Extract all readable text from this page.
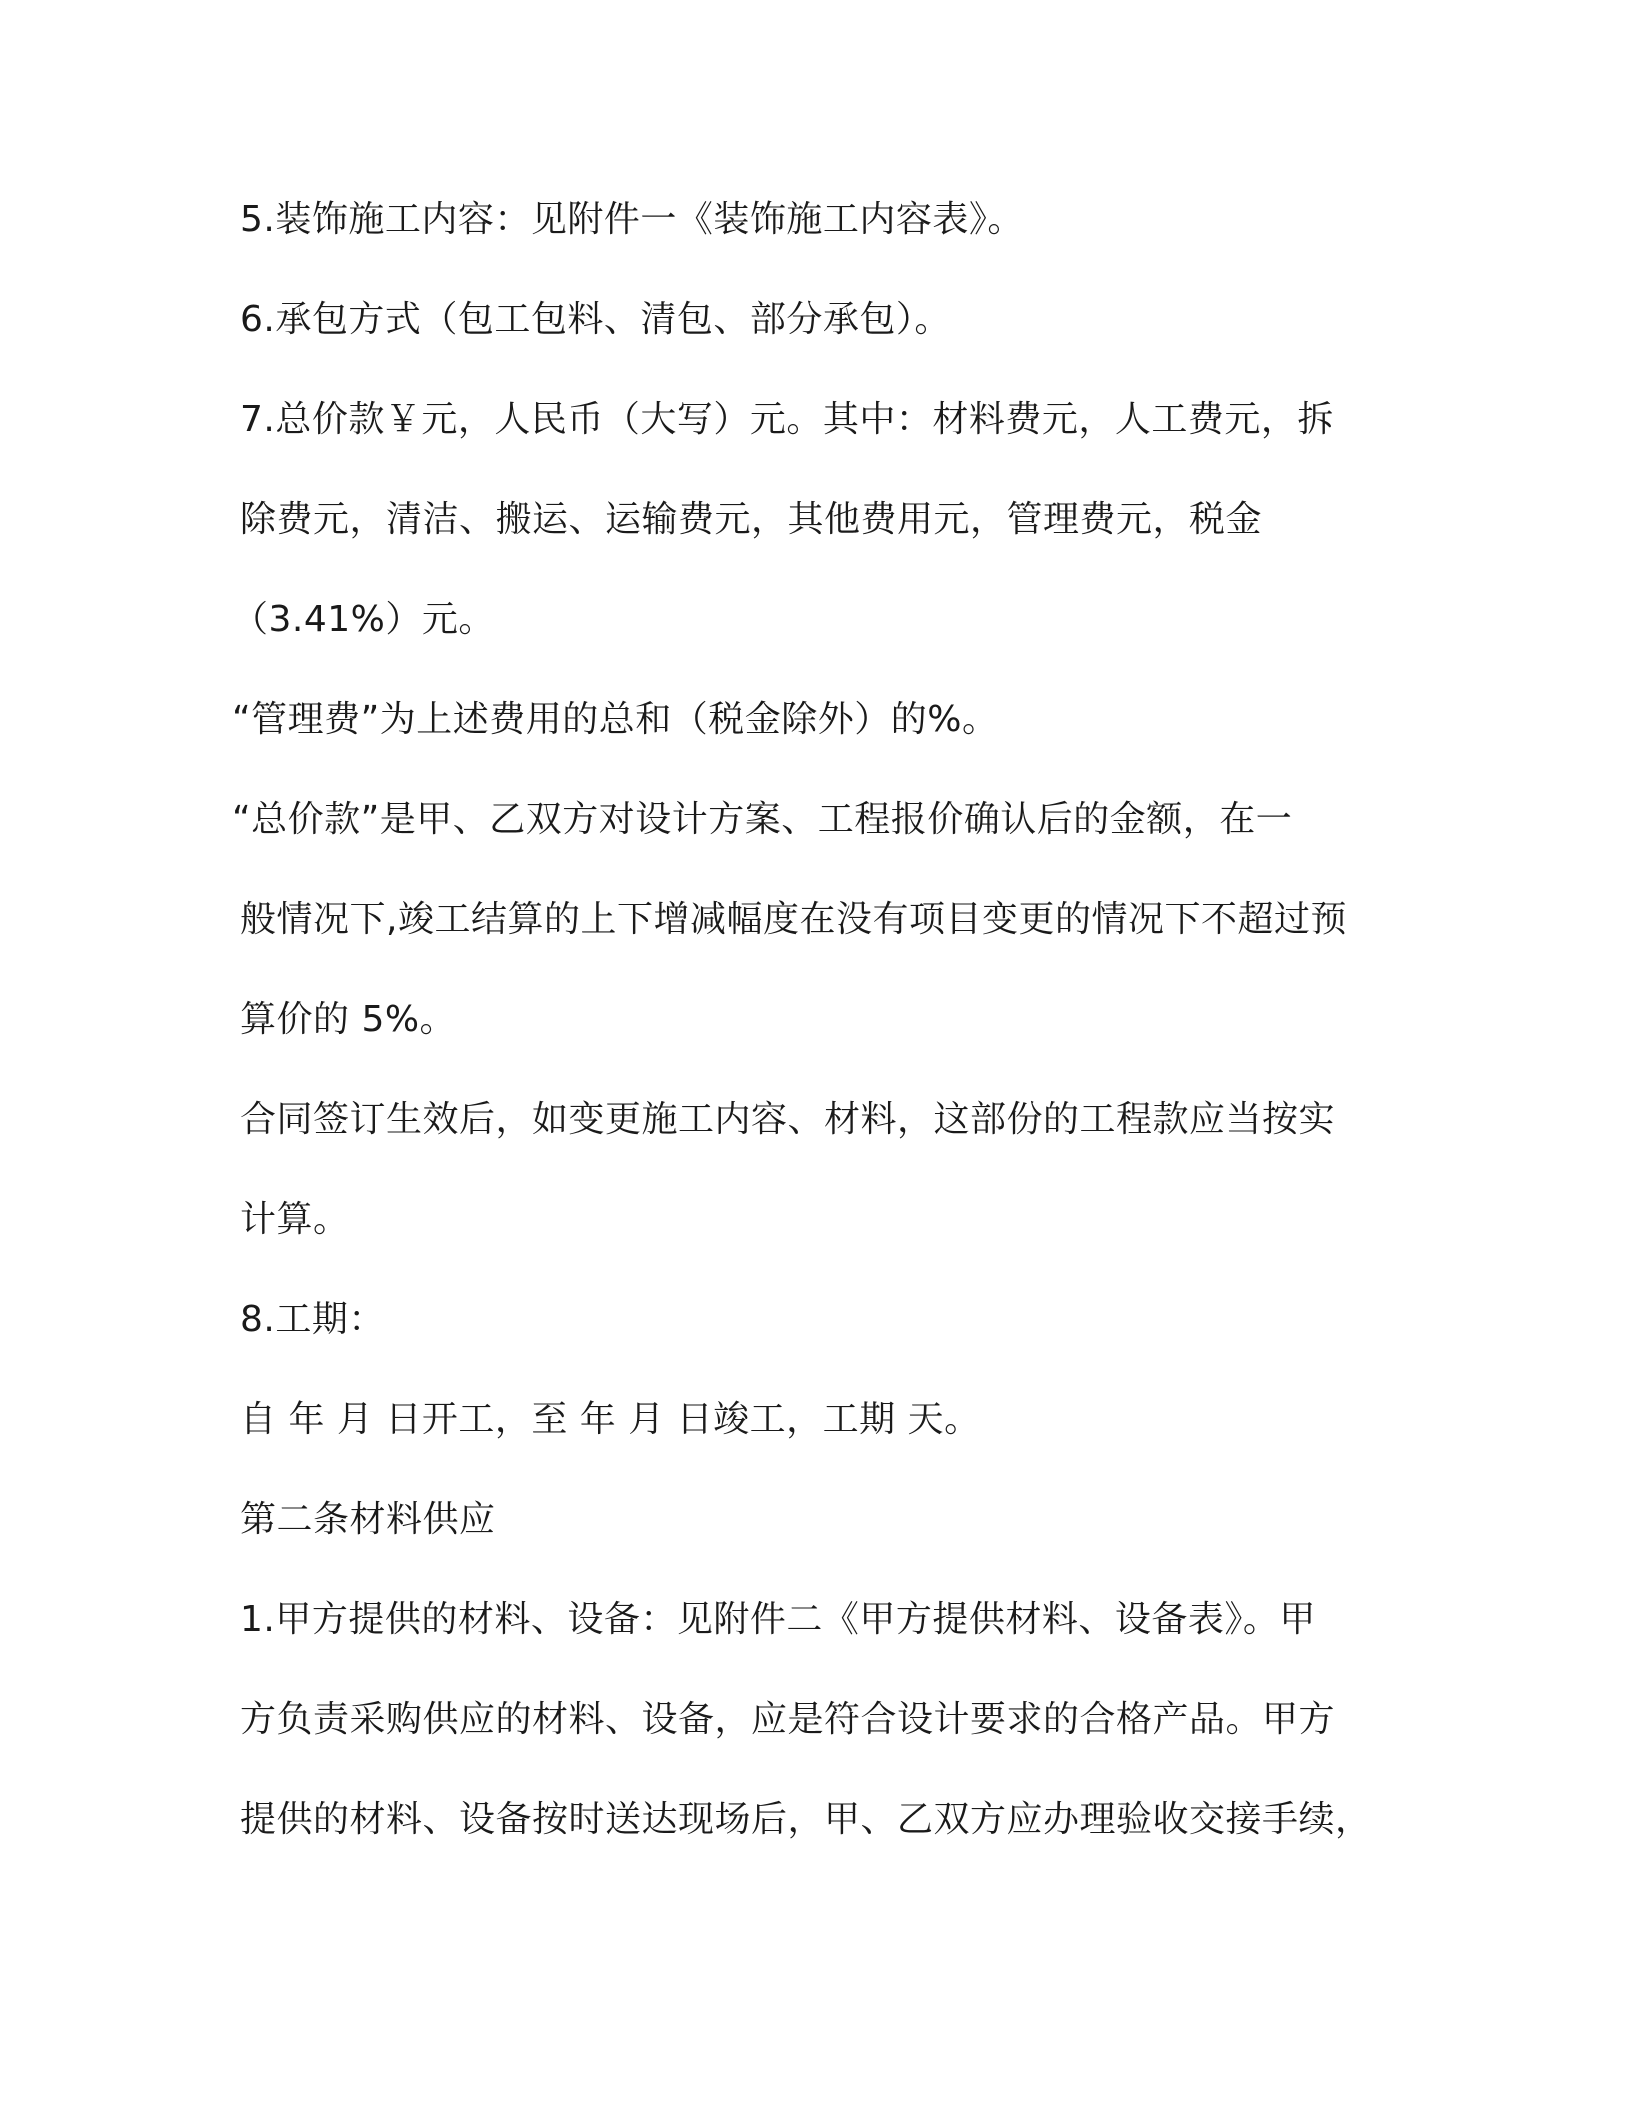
5.装饰施工内容：见附件一《装饰施工内容表》。
6.承包方式（包工包料、清包、部分承包）。
7.总价款￥元，人民币（大写）元。其中：材料费元，人工费元，拆
除费元，清洁、搬运、运输费元，其他费用元，管理费元，税金
（3.41%）元。
“管理费”为上述费用的总和（税金除外）的%。
“总价款”是甲、乙双方对设计方案、工程报价确认后的金额，在一
般情况下,竣工结算的上下增减幅度在没有项目变更的情况下不超过预
算价的 5%。
合同签订生效后，如变更施工内容、材料，这部份的工程款应当按实
计算。
8.工期：
自 年 月 日开工，至 年 月 日竣工，工期 天。
第二条材料供应
1.甲方提供的材料、设备：见附件二《甲方提供材料、设备表》。甲
方负责采购供应的材料、设备，应是符合设计要求的合格产品。甲方
提供的材料、设备按时送达现场后，甲、乙双方应办理验收交接手续，
